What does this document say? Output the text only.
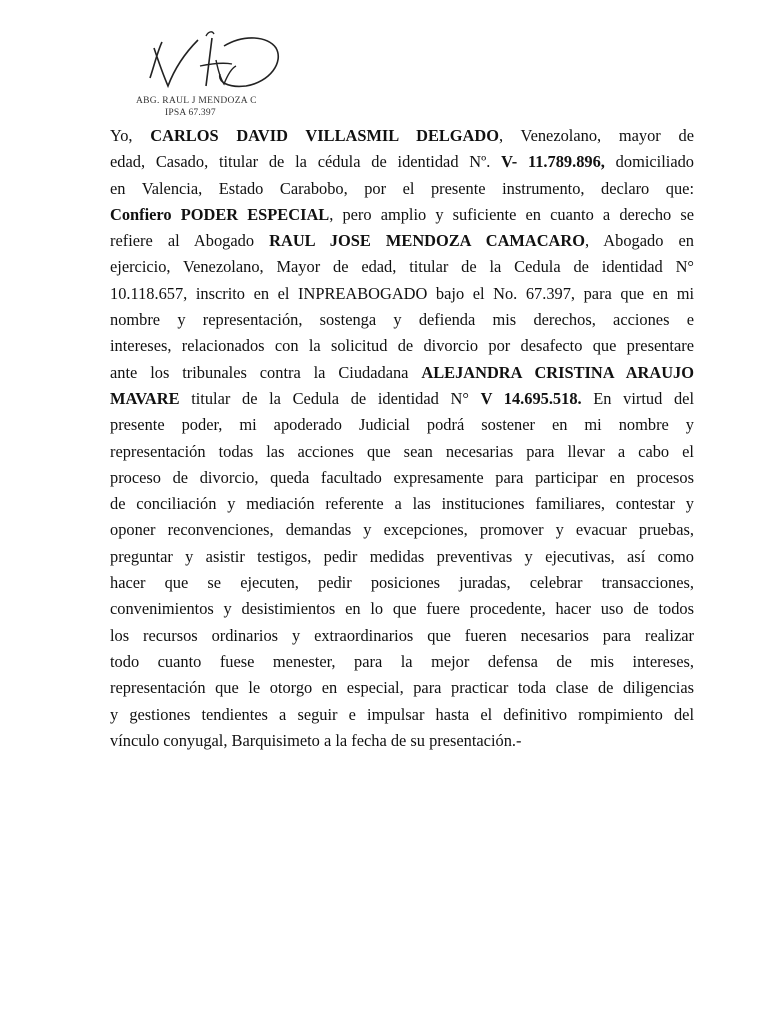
ABG. RAUL J MENDOZA C
IPSA 67.397
Yo, CARLOS DAVID VILLASMIL DELGADO, Venezolano, mayor de
edad, Casado, titular de la cédula de identidad Nº. V- 11.789.896, domiciliado
en Valencia, Estado Carabobo, por el presente instrumento, declaro que:
Confiero PODER ESPECIAL, pero amplio y suficiente en cuanto a derecho se
refiere al Abogado RAUL JOSE MENDOZA CAMACARO, Abogado en
ejercicio, Venezolano, Mayor de edad, titular de la Cedula de identidad N°
10.118.657, inscrito en el INPREABOGADO bajo el No. 67.397, para que en mi
nombre y representación, sostenga y defienda mis derechos, acciones e
intereses, relacionados con la solicitud de divorcio por desafecto que presentare
ante los tribunales contra la Ciudadana ALEJANDRA CRISTINA ARAUJO
MAVARE titular de la Cedula de identidad N° V 14.695.518. En virtud del
presente poder, mi apoderado Judicial podrá sostener en mi nombre y
representación todas las acciones que sean necesarias para llevar a cabo el
proceso de divorcio, queda facultado expresamente para participar en procesos
de conciliación y mediación referente a las instituciones familiares, contestar y
oponer reconvenciones, demandas y excepciones, promover y evacuar pruebas,
preguntar y asistir testigos, pedir medidas preventivas y ejecutivas, así como
hacer que se ejecuten, pedir posiciones juradas, celebrar transacciones,
convenimientos y desistimientos en lo que fuere procedente, hacer uso de todos
los recursos ordinarios y extraordinarios que fueren necesarios para realizar
todo cuanto fuese menester, para la mejor defensa de mis intereses,
representación que le otorgo en especial, para practicar toda clase de diligencias
y gestiones tendientes a seguir e impulsar hasta el definitivo rompimiento del
vínculo conyugal, Barquisimeto a la fecha de su presentación.-
